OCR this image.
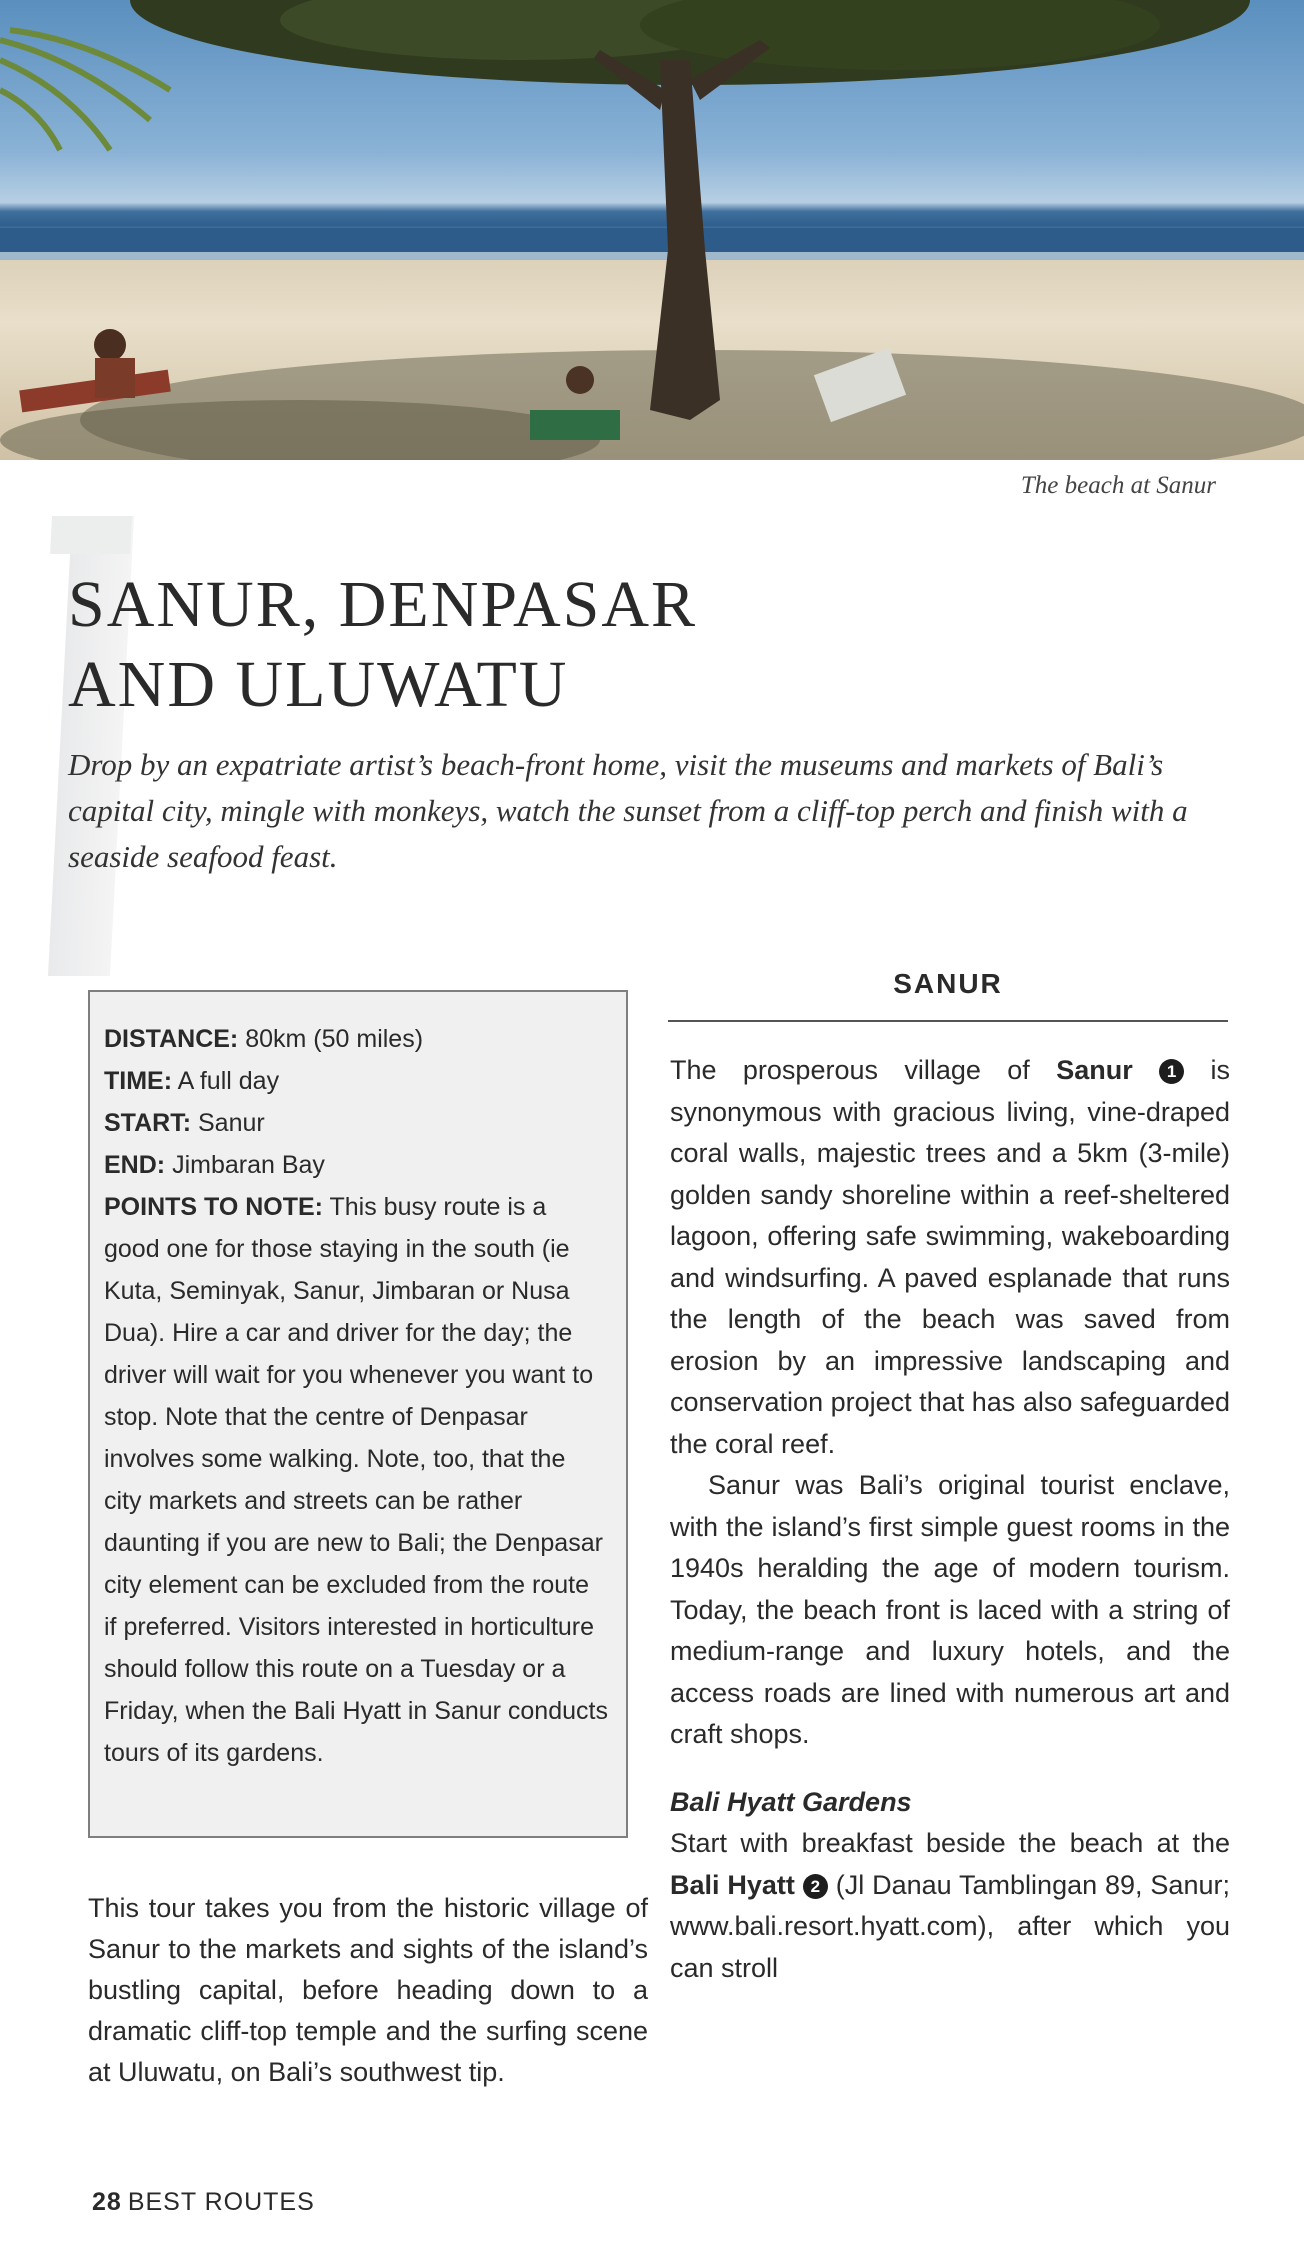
The beach at Sanur
SANUR, DENPASAR
AND ULUWATU

Drop by an expatriate artist’s beach-front home, visit the museums and markets of Bali’s capital city, mingle with monkeys, watch the sunset from a cliff-top perch and finish with a seaside seafood feast.

DISTANCE: 80km (50 miles)

TIME: A full day

START: Sanur

END: Jimbaran Bay

POINTS TO NOTE: This busy route is a good one for those staying in the south (ie Kuta, Seminyak, Sanur, Jimbaran or Nusa Dua). Hire a car and driver for the day; the driver will wait for you whenever you want to stop. Note that the centre of Denpasar involves some walking. Note, too, that the city markets and streets can be rather daunting if you are new to Bali; the Denpasar city element can be excluded from the route if preferred. Visitors interested in horticulture should follow this route on a Tuesday or a Friday, when the Bali Hyatt in Sanur conducts tours of its gardens.

This tour takes you from the historic village of Sanur to the markets and sights of the island’s bustling capital, before heading down to a dramatic cliff-top temple and the surfing scene at Uluwatu, on Bali’s southwest tip.

SANUR

The prosperous village of Sanur 1 is synonymous with gracious living, vine-draped coral walls, majestic trees and a 5km (3-mile) golden sandy shoreline within a reef-sheltered lagoon, offering safe swimming, wakeboarding and windsurfing. A paved esplanade that runs the length of the beach was saved from erosion by an impressive landscaping and conservation project that has also safeguarded the coral reef.

Sanur was Bali’s original tourist enclave, with the island’s first simple guest rooms in the 1940s heralding the age of modern tourism. Today, the beach front is laced with a string of medium-range and luxury hotels, and the access roads are lined with numerous art and craft shops.

Bali Hyatt Gardens

Start with breakfast beside the beach at the Bali Hyatt 2 (Jl Danau Tamblingan 89, Sanur; www.bali.resort.hyatt.com), after which you can stroll

28 BEST ROUTES
